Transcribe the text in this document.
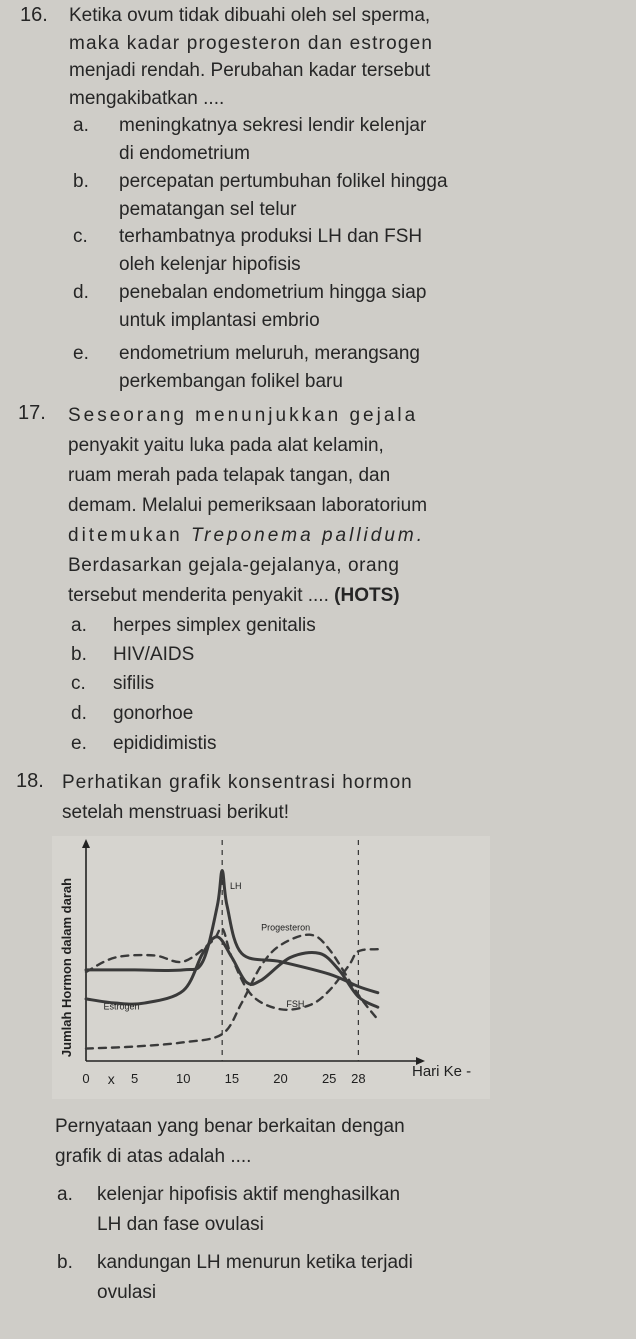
16. Ketika ovum tidak dibuahi oleh sel sperma,
maka kadar progesteron dan estrogen
menjadi rendah. Perubahan kadar tersebut
mengakibatkan ....
a. meningkatnya sekresi lendir kelenjar
di endometrium
b. percepatan pertumbuhan folikel hingga
pematangan sel telur
c. terhambatnya produksi LH dan FSH
oleh kelenjar hipofisis
d. penebalan endometrium hingga siap
untuk implantasi embrio
e. endometrium meluruh, merangsang
perkembangan folikel baru
17. Seseorang menunjukkan gejala
penyakit yaitu luka pada alat kelamin,
ruam merah pada telapak tangan, dan
demam. Melalui pemeriksaan laboratorium
ditemukan Treponema pallidum.
Berdasarkan gejala-gejalanya, orang
tersebut menderita penyakit .... (HOTS)
a. herpes simplex genitalis
b. HIV/AIDS
c. sifilis
d. gonorhoe
e. epididimistis
18. Perhatikan grafik konsentrasi hormon
setelah menstruasi berikut!
0	5	10	15	20	25 28
x
Jumlah Hormon dalam darah
Hari Ke -
LH
Progesteron
Estrogen	FSH
Pernyataan yang benar berkaitan dengan
grafik di atas adalah ....
a. kelenjar hipofisis aktif menghasilkan
LH dan fase ovulasi
b. kandungan LH menurun ketika terjadi
ovulasi
